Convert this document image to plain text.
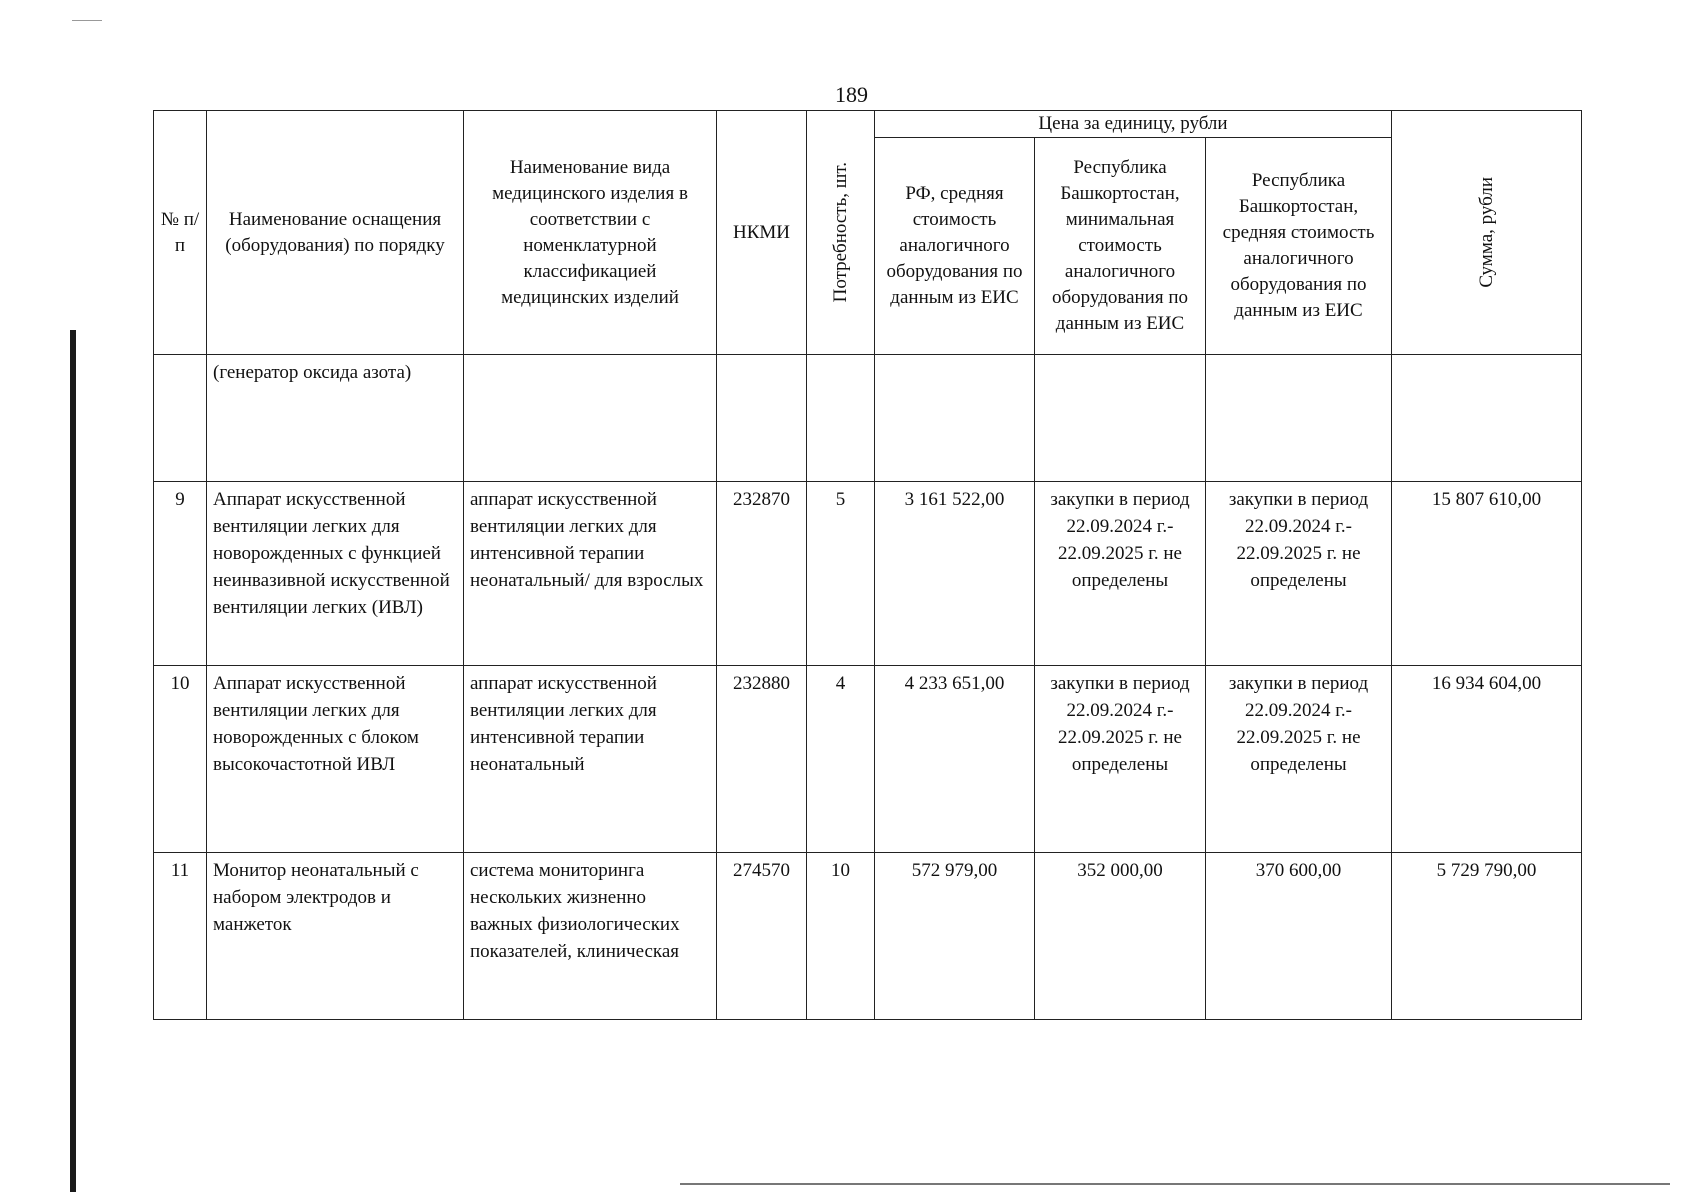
189
№ п/п	Наименование оснащения (оборудования) по порядку	Наименование вида медицинского изделия в соответствии с номенклатурной классификацией медицинских изделий	НКМИ	Потребность, шт.	Цена за единицу, рубли			Сумма, рубли

					РФ, средняя стоимость аналогичного оборудования по данным из ЕИС	Республика Башкортостан, минимальная стоимость аналогичного оборудования по данным из ЕИС	Республика Башкортостан, средняя стоимость аналогичного оборудования по данным из ЕИС	
	(генератор оксида азота)							
9	Аппарат искусственной вентиляции легких для новорожденных с функцией неинвазивной искусственной вентиляции легких (ИВЛ)	аппарат искусственной вентиляции легких для интенсивной терапии неонатальный/ для взрослых	232870	5	3 161 522,00	закупки в период 22.09.2024 г.- 22.09.2025 г. не определены	закупки в период 22.09.2024 г.- 22.09.2025 г. не определены	15 807 610,00
10	Аппарат искусственной вентиляции легких для новорожденных с блоком высокочастотной ИВЛ	аппарат искусственной вентиляции легких для интенсивной терапии неонатальный	232880	4	4 233 651,00	закупки в период 22.09.2024 г.- 22.09.2025 г. не определены	закупки в период 22.09.2024 г.- 22.09.2025 г. не определены	16 934 604,00
11	Монитор неонатальный с набором электродов и манжеток	система мониторинга нескольких жизненно важных физиологических показателей, клиническая	274570	10	572 979,00	352 000,00	370 600,00	5 729 790,00
